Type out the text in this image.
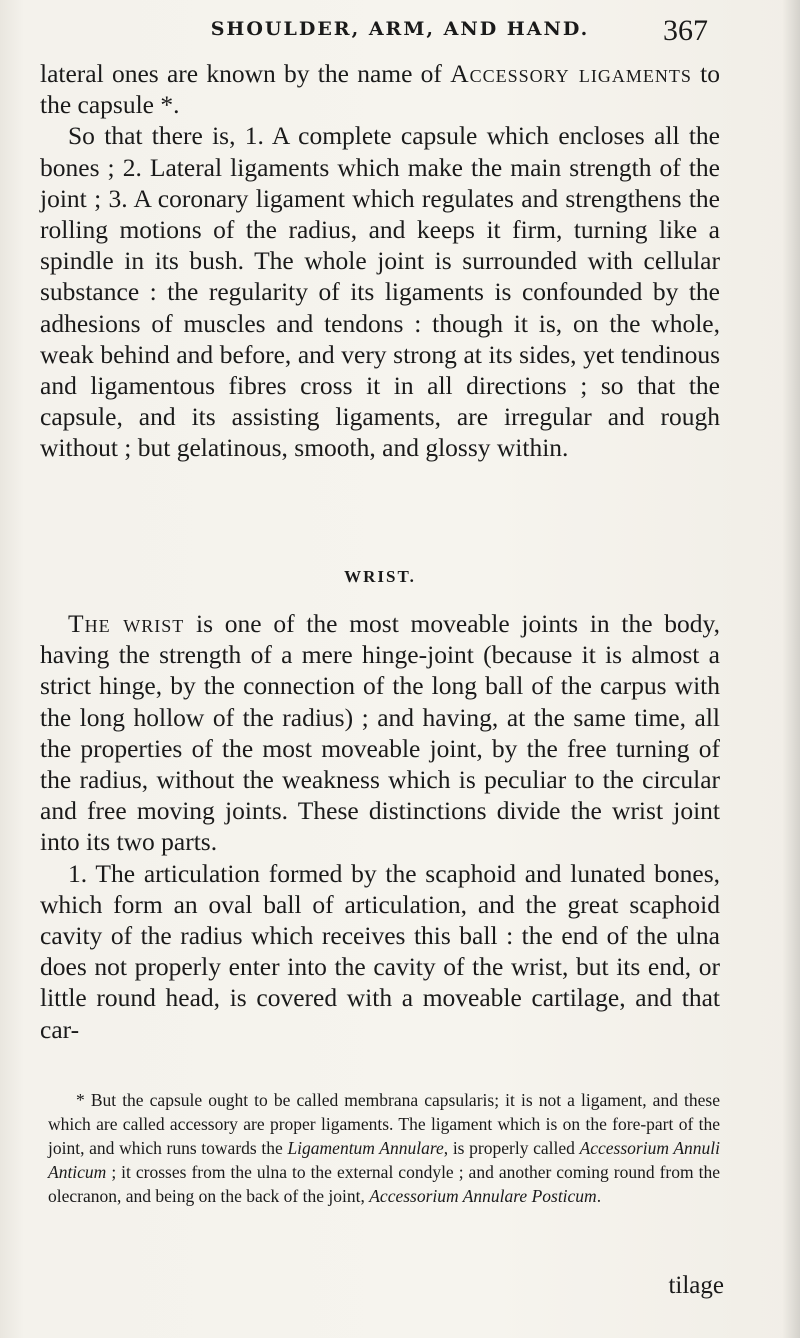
SHOULDER, ARM, AND HAND.	367

lateral ones are known by the name of Accessory ligaments to the capsule *.

So that there is, 1. A complete capsule which encloses all the bones ; 2. Lateral ligaments which make the main strength of the joint ; 3. A coronary ligament which regulates and strengthens the rolling motions of the radius, and keeps it firm, turning like a spindle in its bush. The whole joint is surrounded with cellular substance : the regularity of its ligaments is confounded by the adhesions of muscles and tendons : though it is, on the whole, weak behind and before, and very strong at its sides, yet tendinous and ligamentous fibres cross it in all directions ; so that the capsule, and its assisting ligaments, are irregular and rough without ; but gelatinous, smooth, and glossy within.

WRIST.

The wrist is one of the most moveable joints in the body, having the strength of a mere hinge-joint (because it is almost a strict hinge, by the connection of the long ball of the carpus with the long hollow of the radius) ; and having, at the same time, all the properties of the most moveable joint, by the free turning of the radius, without the weakness which is peculiar to the circular and free moving joints. These distinctions divide the wrist joint into its two parts.

1. The articulation formed by the scaphoid and lunated bones, which form an oval ball of articulation, and the great scaphoid cavity of the radius which receives this ball : the end of the ulna does not properly enter into the cavity of the wrist, but its end, or little round head, is covered with a moveable cartilage, and that car-

* But the capsule ought to be called membrana capsularis; it is not a ligament, and these which are called accessory are proper ligaments. The ligament which is on the fore-part of the joint, and which runs towards the Ligamentum Annulare, is properly called Accessorium Annuli Anticum ; it crosses from the ulna to the external condyle ; and another coming round from the olecranon, and being on the back of the joint, Accessorium Annulare Posticum.

tilage
